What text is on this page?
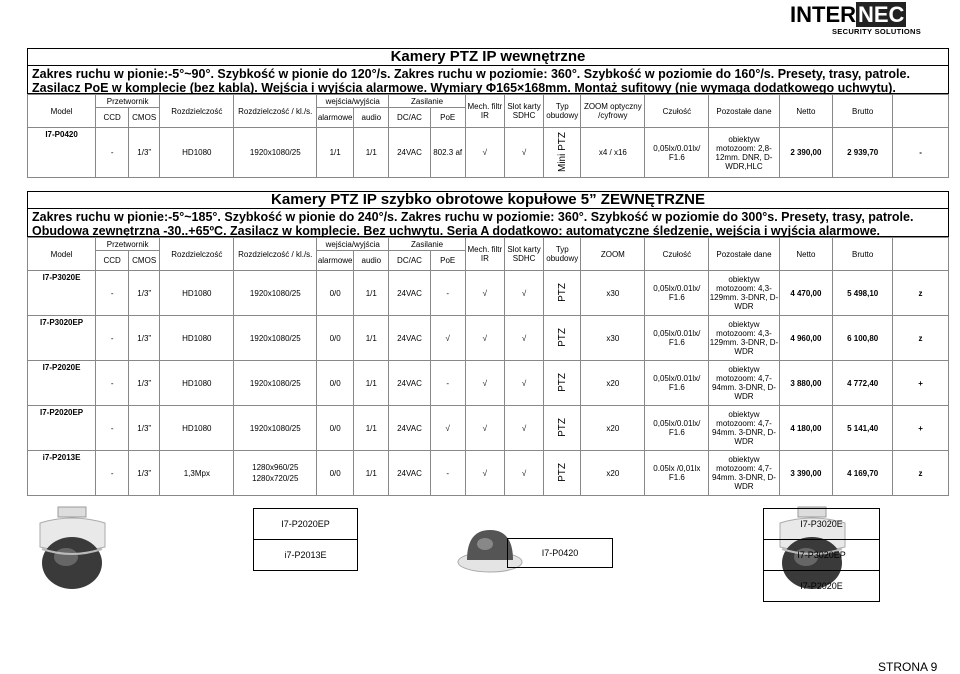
INTERNEC
SECURITY SOLUTIONS
Kamery PTZ IP wewnętrzne
Zakres ruchu w pionie:-5°~90°. Szybkość w pionie do 120°/s. Zakres ruchu w poziomie: 360°. Szybkość w poziomie do 160°/s. Presety, trasy, patrole. Zasilacz PoE w komplecie (bez kabla). Wejścia i wyjścia alarmowe. Wymiary Φ165×168mm. Montaż sufitowy (nie wymaga dodatkowego uchwytu).
Model	Przetwornik		Rozdzielczość	Rozdzielczość / kl./s.	wejścia/wyjścia		Zasilanie		Mech. filtr IR	Slot karty SDHC	Typ obudowy	ZOOM optyczny /cyfrowy	Czułość	Pozostałe dane	Netto	Brutto	
	CCD	CMOS			alarmowe	audio	DC/AC	PoE									
I7-P0420	-	1/3”	HD1080	1920x1080/25	1/1	1/1	24VAC	802.3 af	√	√	Mini PTZ	x4 / x16	0,05lx/0.01lx/ F1.6	obiektyw motozoom: 2,8-12mm. DNR, D-WDR,HLC	2 390,00	2 939,70	-
Kamery PTZ IP szybko obrotowe kopułowe 5” ZEWNĘTRZNE
Zakres ruchu w pionie:-5°~185°. Szybkość w pionie do 240°/s. Zakres ruchu w poziomie: 360°. Szybkość w poziomie do 300°s. Presety, trasy, patrole. Obudowa zewnętrzna -30..+65ºC. Zasilacz w komplecie. Bez uchwytu. Seria A dodatkowo: automatyczne śledzenie, wejścia i wyjścia alarmowe.
Model	Przetwornik		Rozdzielczość	Rozdzielczość / kl./s.	wejścia/wyjścia		Zasilanie		Mech. filtr IR	Slot karty SDHC	Typ obudowy	ZOOM	Czułość	Pozostałe dane	Netto	Brutto	
	CCD	CMOS			alarmowe	audio	DC/AC	PoE									
I7-P3020E	-	1/3”	HD1080	1920x1080/25	0/0	1/1	24VAC	-	√	√	PTZ	x30	0,05lx/0.01lx/ F1.6	obiektyw motozoom: 4,3-129mm. 3-DNR, D-WDR	4 470,00	5 498,10	z
I7-P3020EP	-	1/3”	HD1080	1920x1080/25	0/0	1/1	24VAC	√	√	√	PTZ	x30	0,05lx/0.01lx/ F1.6	obiektyw motozoom: 4,3-129mm. 3-DNR, D-WDR	4 960,00	6 100,80	z
I7-P2020E	-	1/3”	HD1080	1920x1080/25	0/0	1/1	24VAC	-	√	√	PTZ	x20	0,05lx/0.01lx/ F1.6	obiektyw motozoom: 4,7-94mm. 3-DNR, D-WDR	3 880,00	4 772,40	+
I7-P2020EP	-	1/3”	HD1080	1920x1080/25	0/0	1/1	24VAC	√	√	√	PTZ	x20	0,05lx/0.01lx/ F1.6	obiektyw motozoom: 4,7-94mm. 3-DNR, D-WDR	4 180,00	5 141,40	+
i7-P2013E	-	1/3”	1,3Mpx	1280x960/25 1280x720/25	0/0	1/1	24VAC	-	√	√	PTZ	x20	0.05lx /0,01lx F1.6	obiektyw motozoom: 4,7-94mm. 3-DNR, D-WDR	3 390,00	4 169,70	z
I7-P2020EP				I7-P3020E
i7-P2013E				I7-P3020EP
				I7-P2020E
I7-P0420
STRONA 9
